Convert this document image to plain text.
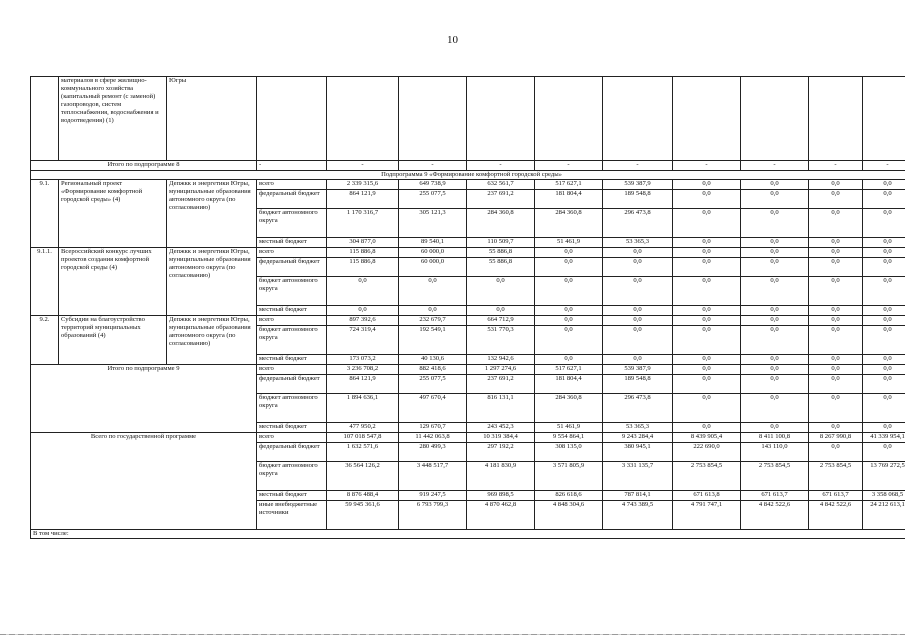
10
	материалов в сфере жилищно-коммунального хозяйства (капитальный ремонт (с заменой) газопроводов, систем теплоснабжения, водоснабжения и водоотведения) (1)	Югры										
Итого по подпрограмме 8			-	-	-	-	-	-	-	-	-	-
Подпрограмма 9 «Формирование комфортной городской среды»												
9.1.	Региональный проект «Формирование комфортной городской среды» (4)	Депжкк и энергетики Югры, муниципальные образования автономного округа (по согласованию)	всего	2 339 315,6	649 738,9	632 561,7	517 627,1	539 387,9	0,0	0,0	0,0	0,0
			федеральный бюджет	864 121,9	255 077,5	237 691,2	181 804,4	189 548,8	0,0	0,0	0,0	0,0
			бюджет автономного округа	1 170 316,7	305 121,3	284 360,8	284 360,8	296 473,8	0,0	0,0	0,0	0,0
			местный бюджет	304 877,0	89 540,1	110 509,7	51 461,9	53 365,3	0,0	0,0	0,0	0,0
9.1.1.	Всероссийский конкурс лучших проектов создания комфортной городской среды (4)	Депжкк и энергетики Югры, муниципальные образования автономного округа (по согласованию)	всего	115 886,8	60 000,0	55 886,8	0,0	0,0	0,0	0,0	0,0	0,0
			федеральный бюджет	115 886,8	60 000,0	55 886,8	0,0	0,0	0,0	0,0	0,0	0,0
			бюджет автономного округа	0,0	0,0	0,0	0,0	0,0	0,0	0,0	0,0	0,0
			местный бюджет	0,0	0,0	0,0	0,0	0,0	0,0	0,0	0,0	0,0
9.2.	Субсидии на благоустройство территорий муниципальных образований (4)	Депжкк и энергетики Югры, муниципальные образования автономного округа (по согласованию)	всего	897 392,6	232 679,7	664 712,9	0,0	0,0	0,0	0,0	0,0	0,0
			бюджет автономного округа	724 319,4	192 549,1	531 770,3	0,0	0,0	0,0	0,0	0,0	0,0
			местный бюджет	173 073,2	40 130,6	132 942,6	0,0	0,0	0,0	0,0	0,0	0,0
Итого по подпрограмме 9			всего	3 236 708,2	882 418,6	1 297 274,6	517 627,1	539 387,9	0,0	0,0	0,0	0,0
			федеральный бюджет	864 121,9	255 077,5	237 691,2	181 804,4	189 548,8	0,0	0,0	0,0	0,0
			бюджет автономного округа	1 894 636,1	497 670,4	816 131,1	284 360,8	296 473,8	0,0	0,0	0,0	0,0
			местный бюджет	477 950,2	129 670,7	243 452,3	51 461,9	53 365,3	0,0	0,0	0,0	0,0
Всего по государственной программе			всего	107 018 547,8	11 442 063,8	10 319 384,4	9 554 864,1	9 243 284,4	8 439 905,4	8 411 100,8	8 267 990,8	41 339 954,1
			федеральный бюджет	1 632 571,6	280 499,3	297 192,2	308 135,0	380 945,1	222 690,0	143 110,0	0,0	0,0
			бюджет автономного округа	36 564 126,2	3 448 517,7	4 181 830,9	3 571 805,9	3 331 135,7	2 753 854,5	2 753 854,5	2 753 854,5	13 769 272,5
			местный бюджет	8 876 488,4	919 247,5	969 898,5	826 618,6	787 814,1	671 613,8	671 613,7	671 613,7	3 358 068,5
			иные внебюджетные источники	59 945 361,6	6 793 799,3	4 870 462,8	4 848 304,6	4 743 389,5	4 791 747,1	4 842 522,6	4 842 522,6	24 212 613,1
В том числе:												
